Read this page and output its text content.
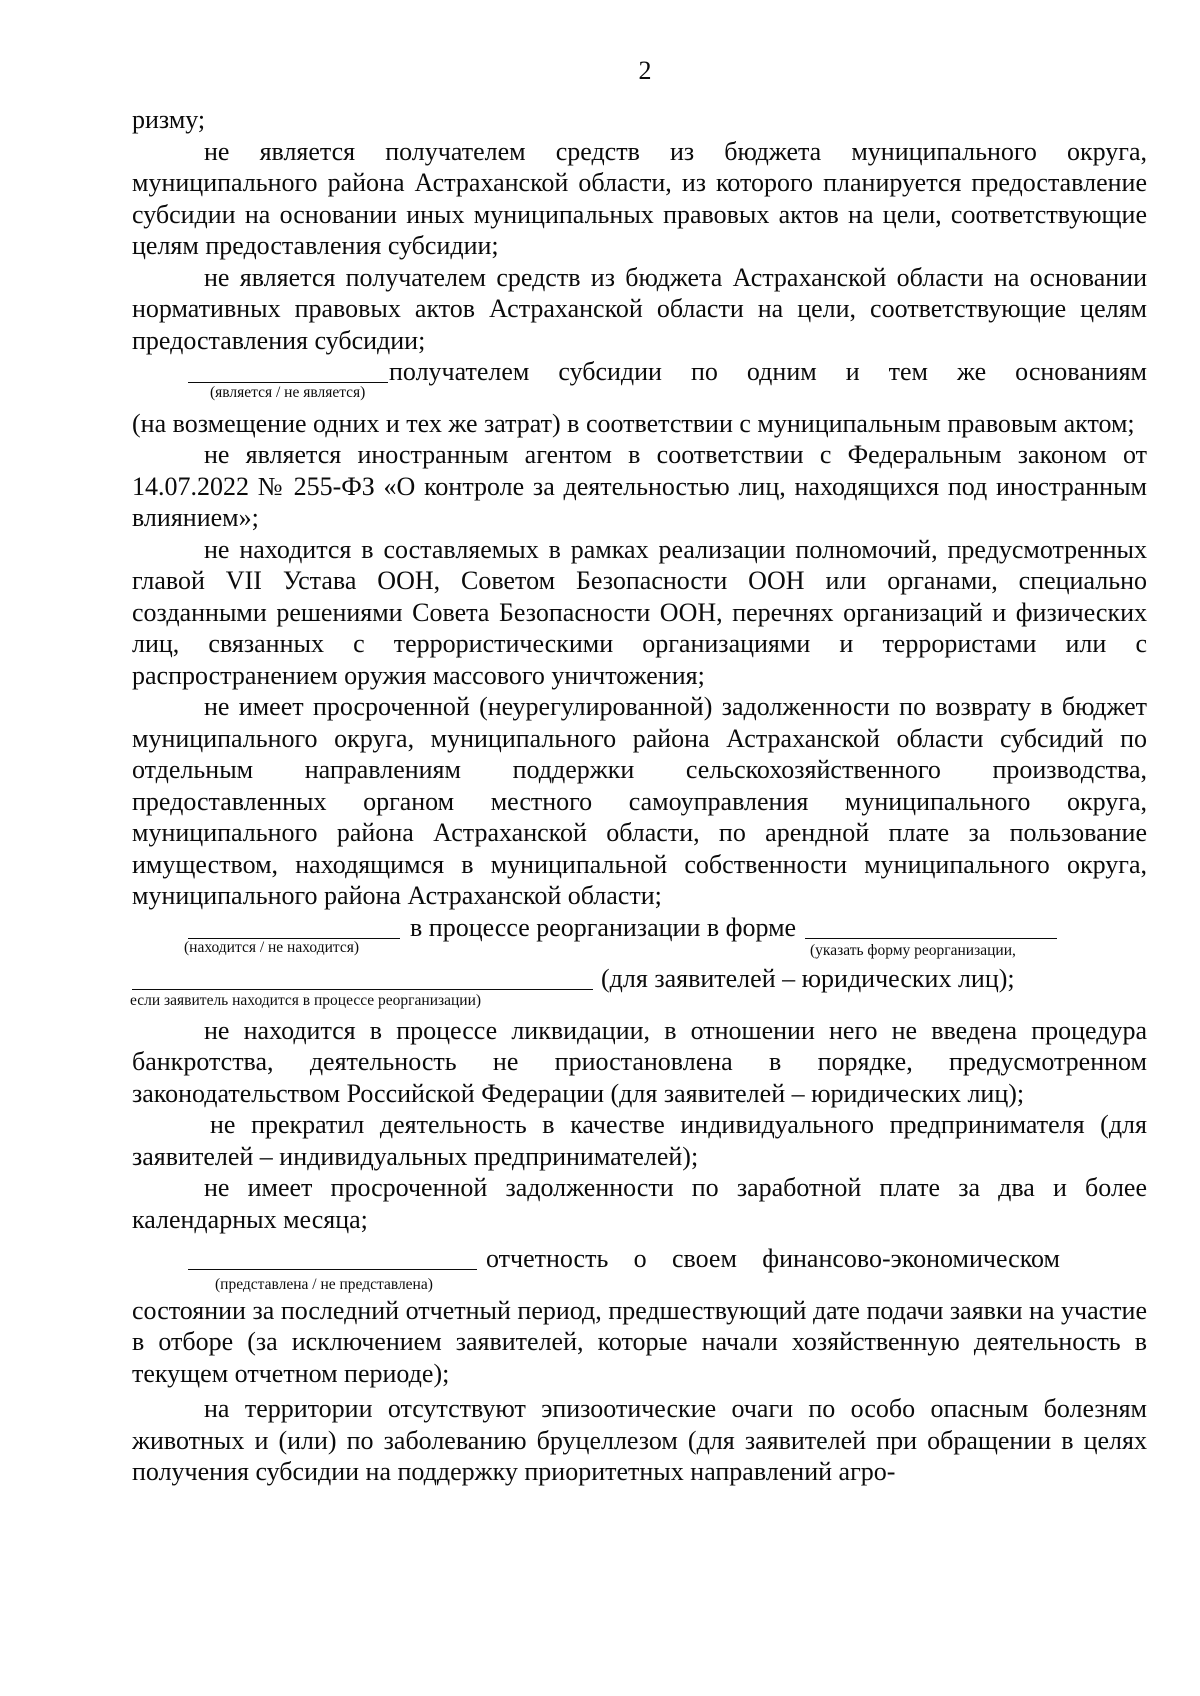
2

ризму;

не является получателем средств из бюджета муниципального округа, муниципального района Астраханской области, из которого планируется предоставление субсидии на основании иных муниципальных правовых актов на цели, соответствующие целям предоставления субсидии;

не является получателем средств из бюджета Астраханской области на основании нормативных правовых актов Астраханской области на цели, соответствующие целям предоставления субсидии;

получателем субсидии по одним и тем же основаниям
(является / не является)

(на возмещение одних и тех же затрат) в соответствии с муниципальным правовым актом;

не является иностранным агентом в соответствии с Федеральным законом от 14.07.2022 № 255-ФЗ «О контроле за деятельностью лиц, находящихся под иностранным влиянием»;

не находится в составляемых в рамках реализации полномочий, предусмотренных главой VII Устава ООН, Советом Безопасности ООН или органами, специально созданными решениями Совета Безопасности ООН, перечнях организаций и физических лиц, связанных с террористическими организациями и террористами или с распространением оружия массового уничтожения;

не имеет просроченной (неурегулированной) задолженности по возврату в бюджет муниципального округа, муниципального района Астраханской области субсидий по отдельным направлениям поддержки сельскохозяйственного производства, предоставленных органом местного самоуправления муниципального округа, муниципального района Астраханской области, по арендной плате за пользование имуществом, находящимся в муниципальной собственности муниципального округа, муниципального района Астраханской области;

в процессе реорганизации в форме
(находится / не находится)	(указать форму реорганизации,
(для заявителей – юридических лиц);
если заявитель находится в процессе реорганизации)

не находится в процессе ликвидации, в отношении него не введена процедура банкротства, деятельность не приостановлена в порядке, предусмотренном законодательством Российской Федерации (для заявителей – юридических лиц);

не прекратил деятельность в качестве индивидуального предпринимателя (для заявителей – индивидуальных предпринимателей);

не имеет просроченной задолженности по заработной плате за два и более календарных месяца;

отчетность о своем финансово-экономическом
(представлена / не представлена)

состоянии за последний отчетный период, предшествующий дате подачи заявки на участие в отборе (за исключением заявителей, которые начали хозяйственную деятельность в текущем отчетном периоде);

на территории отсутствуют эпизоотические очаги по особо опасным болезням животных и (или) по заболеванию бруцеллезом (для заявителей при обращении в целях получения субсидии на поддержку приоритетных направлений агро-
